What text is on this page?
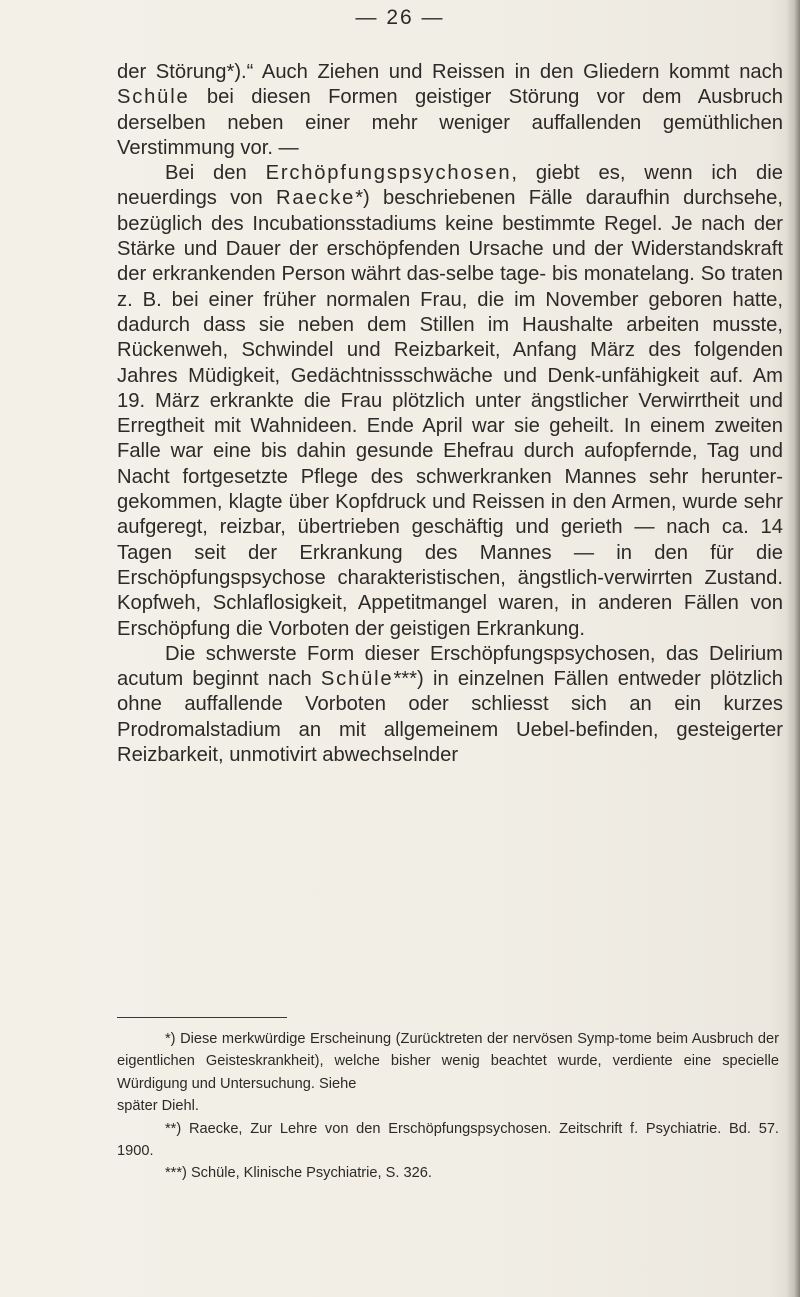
— 26 —

der Störung*).“ Auch Ziehen und Reissen in den Gliedern kommt nach Schüle bei diesen Formen geistiger Störung vor dem Ausbruch derselben neben einer mehr weniger auffallenden gemüthlichen Verstimmung vor. —

Bei den Erchöpfungspsychosen, giebt es, wenn ich die neuerdings von Raecke*) beschriebenen Fälle daraufhin durchsehe, bezüglich des Incubationsstadiums keine bestimmte Regel. Je nach der Stärke und Dauer der erschöpfenden Ursache und der Widerstandskraft der erkrankenden Person währt das-selbe tage- bis monatelang. So traten z. B. bei einer früher normalen Frau, die im November geboren hatte, dadurch dass sie neben dem Stillen im Haushalte arbeiten musste, Rückenweh, Schwindel und Reizbarkeit, Anfang März des folgenden Jahres Müdigkeit, Gedächtnissschwäche und Denk-unfähigkeit auf. Am 19. März erkrankte die Frau plötzlich unter ängstlicher Verwirrtheit und Erregtheit mit Wahnideen. Ende April war sie geheilt. In einem zweiten Falle war eine bis dahin gesunde Ehefrau durch aufopfernde, Tag und Nacht fortgesetzte Pflege des schwerkranken Mannes sehr herunter-gekommen, klagte über Kopfdruck und Reissen in den Armen, wurde sehr aufgeregt, reizbar, übertrieben geschäftig und gerieth — nach ca. 14 Tagen seit der Erkrankung des Mannes — in den für die Erschöpfungspsychose charakteristischen, ängstlich-verwirrten Zustand. Kopfweh, Schlaflosigkeit, Appetitmangel waren, in anderen Fällen von Erschöpfung die Vorboten der geistigen Erkrankung.

Die schwerste Form dieser Erschöpfungspsychosen, das Delirium acutum beginnt nach Schüle***) in einzelnen Fällen entweder plötzlich ohne auffallende Vorboten oder schliesst sich an ein kurzes Prodromalstadium an mit allgemeinem Uebel-befinden, gesteigerter Reizbarkeit, unmotivirt abwechselnder

*) Diese merkwürdige Erscheinung (Zurücktreten der nervösen Symp-tome beim Ausbruch der eigentlichen Geisteskrankheit), welche bisher wenig beachtet wurde, verdiente eine specielle Würdigung und Untersuchung. Siehe

später Diehl.

**) Raecke, Zur Lehre von den Erschöpfungspsychosen. Zeitschrift f. Psychiatrie. Bd. 57. 1900.

***) Schüle, Klinische Psychiatrie, S. 326.
